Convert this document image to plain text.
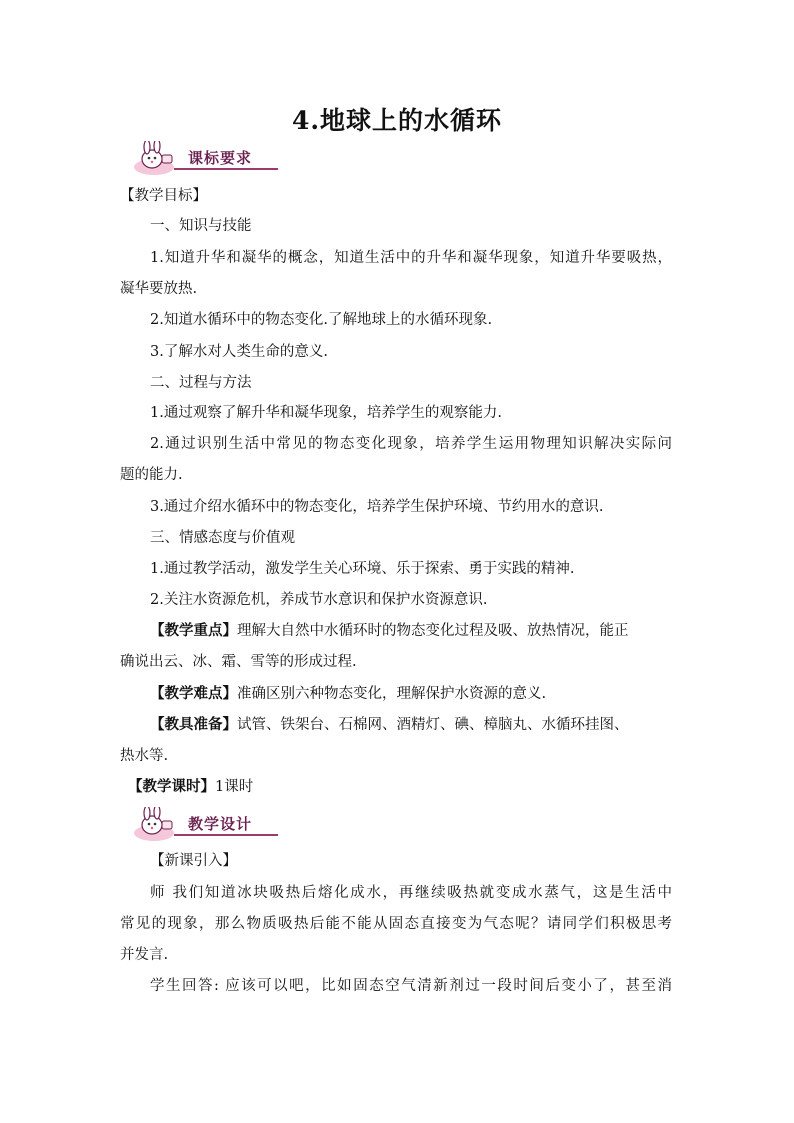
4.地球上的水循环
课标要求
【教学目标】
一、知识与技能
1.知道升华和凝华的概念，知道生活中的升华和凝华现象，知道升华要吸热，
凝华要放热.
2.知道水循环中的物态变化.了解地球上的水循环现象.
3.了解水对人类生命的意义.
二、过程与方法
1.通过观察了解升华和凝华现象，培养学生的观察能力.
2.通过识别生活中常见的物态变化现象，培养学生运用物理知识解决实际问
题的能力.
3.通过介绍水循环中的物态变化，培养学生保护环境、节约用水的意识.
三、情感态度与价值观
1.通过教学活动，激发学生关心环境、乐于探索、勇于实践的精神.
2.关注水资源危机，养成节水意识和保护水资源意识.
【教学重点】理解大自然中水循环时的物态变化过程及吸、放热情况，能正
确说出云、冰、霜、雪等的形成过程.
【教学难点】准确区别六种物态变化，理解保护水资源的意义.
【教具准备】试管、铁架台、石棉网、酒精灯、碘、樟脑丸、水循环挂图、
热水等.
【教学课时】1课时
教学设计
【新课引入】
师 我们知道冰块吸热后熔化成水，再继续吸热就变成水蒸气，这是生活中
常见的现象，那么物质吸热后能不能从固态直接变为气态呢？请同学们积极思考
并发言.
学生回答: 应该可以吧，比如固态空气清新剂过一段时间后变小了，甚至消
